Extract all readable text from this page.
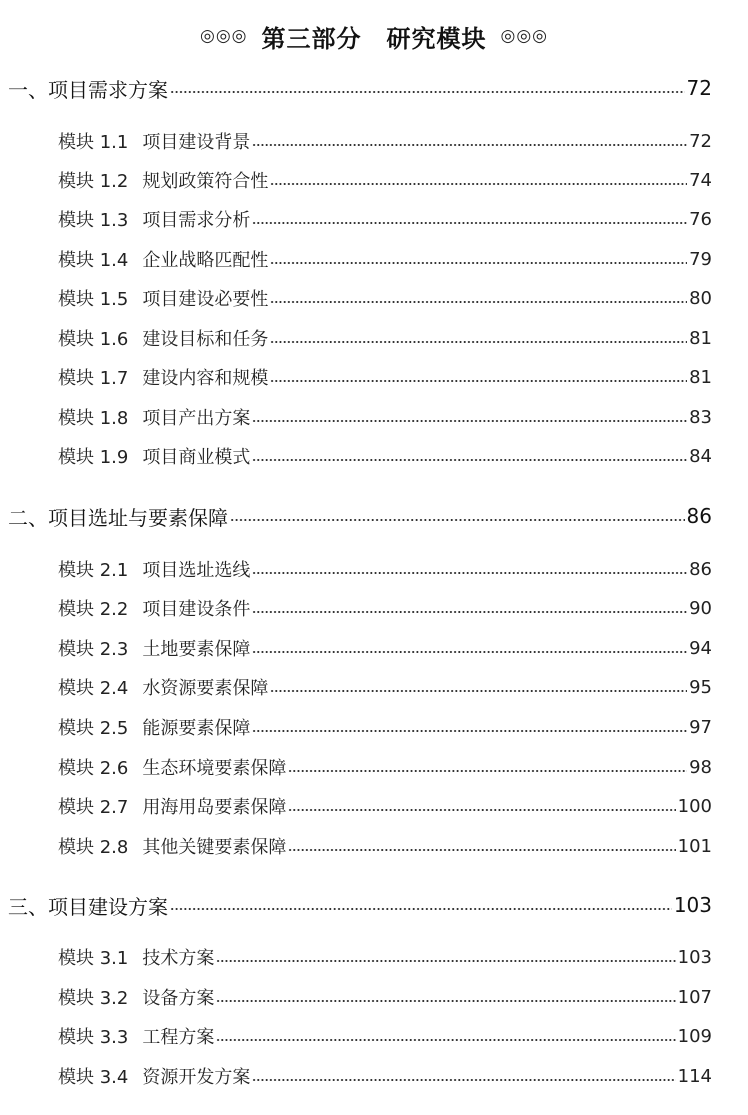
◎◎◎ 第三部分　研究模块 ◎◎◎
一、项目需求方案	72
模块 1.1 项目建设背景	72
模块 1.2 规划政策符合性	74
模块 1.3 项目需求分析	76
模块 1.4 企业战略匹配性	79
模块 1.5 项目建设必要性	80
模块 1.6 建设目标和任务	81
模块 1.7 建设内容和规模	81
模块 1.8 项目产出方案	83
模块 1.9 项目商业模式	84
二、项目选址与要素保障	86
模块 2.1 项目选址选线	86
模块 2.2 项目建设条件	90
模块 2.3 土地要素保障	94
模块 2.4 水资源要素保障	95
模块 2.5 能源要素保障	97
模块 2.6 生态环境要素保障	98
模块 2.7 用海用岛要素保障	100
模块 2.8 其他关键要素保障	101
三、项目建设方案	103
模块 3.1 技术方案	103
模块 3.2 设备方案	107
模块 3.3 工程方案	109
模块 3.4 资源开发方案	114
